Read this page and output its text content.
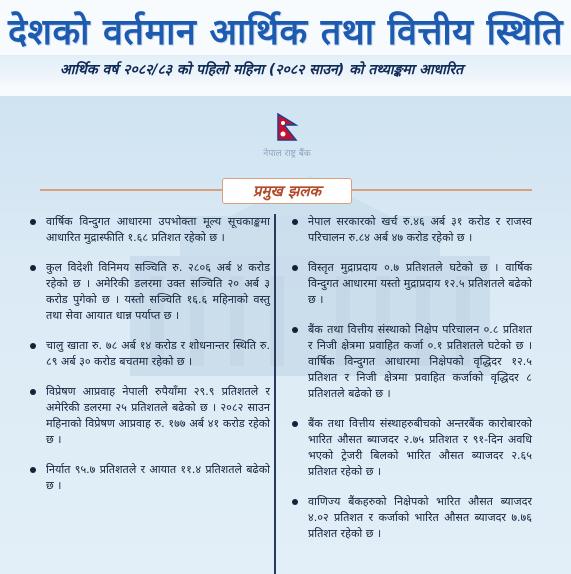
देशको वर्तमान आर्थिक तथा वित्तीय स्थिति
आर्थिक वर्ष २०८२/८३ को पहिलो महिना (२०८२ साउन) को तथ्याङ्कमा आधारित
नेपाल राष्ट्र बैंक
प्रमुख झलक
वार्षिक विन्दुगत आधारमा उपभोक्ता मूल्य सूचकाङ्कमा आधारित मुद्रास्फीति १.६८ प्रतिशत रहेको छ ।
कुल विदेशी विनिमय सञ्चिति रु. २८०६ अर्ब ४ करोड रहेको छ । अमेरिकी डलरमा उक्त सञ्चिति २० अर्ब ३ करोड पुगेको छ । यस्तो सञ्चिति १६.६ महिनाको वस्तु तथा सेवा आयात धान्न पर्याप्त छ ।
चालु खाता रु. ७८ अर्ब १४ करोड र शोधनान्तर स्थिति रु. ८९ अर्ब ३० करोड बचतमा रहेको छ ।
विप्रेषण आप्रवाह नेपाली रुपैयाँमा २९.९ प्रतिशतले र अमेरिकी डलरमा २५ प्रतिशतले बढेको छ । २०८२ साउन महिनाको विप्रेषण आप्रवाह रु. १७७ अर्ब ४१ करोड रहेको छ ।
निर्यात ९५.७ प्रतिशतले र आयात ११.४ प्रतिशतले बढेको छ ।
नेपाल सरकारको खर्च रु.४६ अर्ब ३१ करोड र राजस्व परिचालन रु.८४ अर्ब ४७ करोड रहेको छ ।
विस्तृत मुद्राप्रदाय ०.७ प्रतिशतले घटेको छ । वार्षिक विन्दुगत आधारमा यस्तो मुद्राप्रदाय १२.५ प्रतिशतले बढेको छ ।
बैंक तथा वित्तीय संस्थाको निक्षेप परिचालन ०.८ प्रतिशत र निजी क्षेत्रमा प्रवाहित कर्जा ०.१ प्रतिशतले घटेको छ । वार्षिक विन्दुगत आधारमा निक्षेपको वृद्धिदर १२.५ प्रतिशत र निजी क्षेत्रमा प्रवाहित कर्जाको वृद्धिदर ८ प्रतिशतले बढेको छ ।
बैंक तथा वित्तीय संस्थाहरुबीचको अन्तरबैंक कारोबारको भारित औसत ब्याजदर २.७५ प्रतिशत र ९१-दिन अवधि भएको ट्रेजरी बिलको भारित औसत ब्याजदर २.६५ प्रतिशत रहेको छ ।
वाणिज्य बैंकहरुको निक्षेपको भारित औसत ब्याजदर ४.०२ प्रतिशत र कर्जाको भारित औसत ब्याजदर ७.७६ प्रतिशत रहेको छ ।
